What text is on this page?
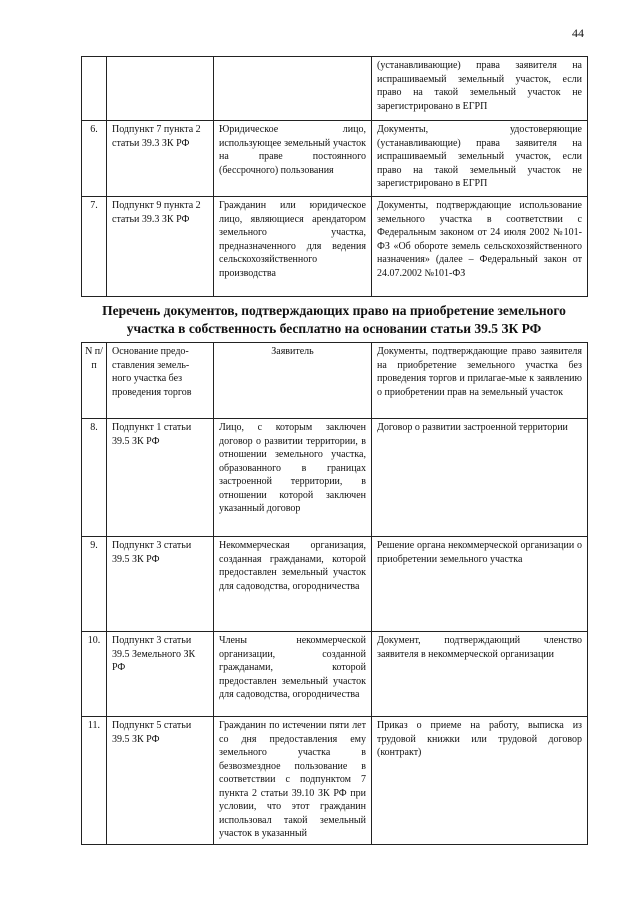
44
			(устанавливающие) права заявителя на испрашиваемый земельный участок, если право на такой земельный участок не зарегистрировано в ЕГРП
6.	Подпункт 7 пункта 2 статьи 39.3 ЗК РФ	Юридическое лицо, использующее земельный участок на праве постоянного (бессрочного) пользования	Документы, удостоверяющие (устанавливающие) права заявителя на испрашиваемый земельный участок, если право на такой земельный участок не зарегистрировано в ЕГРП
7.	Подпункт 9 пункта 2 статьи 39.3 ЗК РФ	Гражданин или юридическое лицо, являющиеся арендатором земельного участка, предназначенного для ведения сельскохозяйственного производства	Документы, подтверждающие использование земельного участка в соответствии с Федеральным законом от 24 июля 2002 №101-ФЗ «Об обороте земель сельскохозяйственного назначения» (далее – Федеральный закон от 24.07.2002 №101-ФЗ
Перечень документов, подтверждающих право на приобретение земельного участка в собственность бесплатно на основании статьи 39.5 ЗК РФ
N п/п	Основание предо-ставления земель-ного участка без проведения торгов	Заявитель	Документы, подтверждающие право заявителя на приобретение земельного участка без проведения торгов и прилагае-мые к заявлению о приобретении прав на земельный участок
8.	Подпункт 1 статьи 39.5 ЗК РФ	Лицо, с которым заключен договор о развитии территории, в отношении земельного участка, образованного в границах застроенной территории, в отношении которой заключен указанный договор	Договор о развитии застроенной территории
9.	Подпункт 3 статьи 39.5 ЗК РФ	Некоммерческая организация, созданная гражданами, которой предоставлен земельный участок для садоводства, огородничества	Решение органа некоммерческой организации о приобретении земельного участка
10.	Подпункт 3 статьи 39.5 Земельного ЗК РФ	Члены некоммерческой организации, созданной гражданами, которой предоставлен земельный участок для садоводства, огородничества	Документ, подтверждающий членство заявителя в некоммерческой организации
11.	Подпункт 5 статьи 39.5 ЗК РФ	Гражданин по истечении пяти лет со дня предоставления ему земельного участка в безвозмездное пользование в соответствии с подпунктом 7 пункта 2 статьи 39.10 ЗК РФ при условии, что этот гражданин использовал такой земельный участок в указанный	Приказ о приеме на работу, выписка из трудовой книжки или трудовой договор (контракт)
